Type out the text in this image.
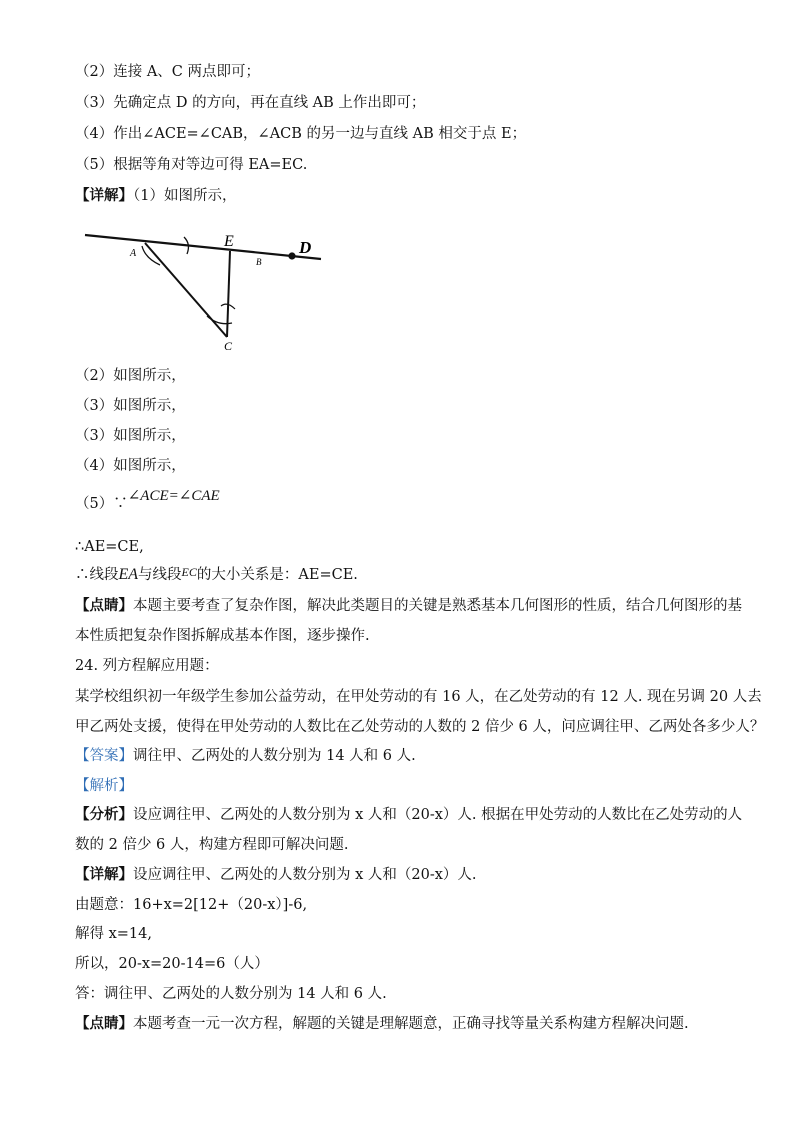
（2）连接 A、C 两点即可；
（3）先确定点 D 的方向，再在直线 AB 上作出即可；
（4）作出∠ACE=∠CAB，∠ACB 的另一边与直线 AB 相交于点 E；
（5）根据等角对等边可得 EA=EC.
【详解】（1）如图所示，
A
E
B
D
C
（2）如图所示，
（3）如图所示，
（3）如图所示，
（4）如图所示，
（5）∵∠ACE=∠CAE
∴AE=CE,
∴线段EA与线段$^{EC}$的大小关系是：AE=CE.
【点睛】本题主要考查了复杂作图，解决此类题目的关键是熟悉基本几何图形的性质，结合几何图形的基
本性质把复杂作图拆解成基本作图，逐步操作.
24. 列方程解应用题：
某学校组织初一年级学生参加公益劳动，在甲处劳动的有 16 人，在乙处劳动的有 12 人. 现在另调 20 人去
甲乙两处支援，使得在甲处劳动的人数比在乙处劳动的人数的 2 倍少 6 人，问应调往甲、乙两处各多少人？
【答案】调往甲、乙两处的人数分别为 14 人和 6 人.
【解析】
【分析】设应调往甲、乙两处的人数分别为 x 人和（20-x）人. 根据在甲处劳动的人数比在乙处劳动的人
数的 2 倍少 6 人，构建方程即可解决问题.
【详解】设应调往甲、乙两处的人数分别为 x 人和（20-x）人.
由题意：16+x=2[12+（20-x）]-6,
解得 x=14,
所以，20-x=20-14=6（人）
答：调往甲、乙两处的人数分别为 14 人和 6 人.
【点睛】本题考查一元一次方程，解题的关键是理解题意，正确寻找等量关系构建方程解决问题.
